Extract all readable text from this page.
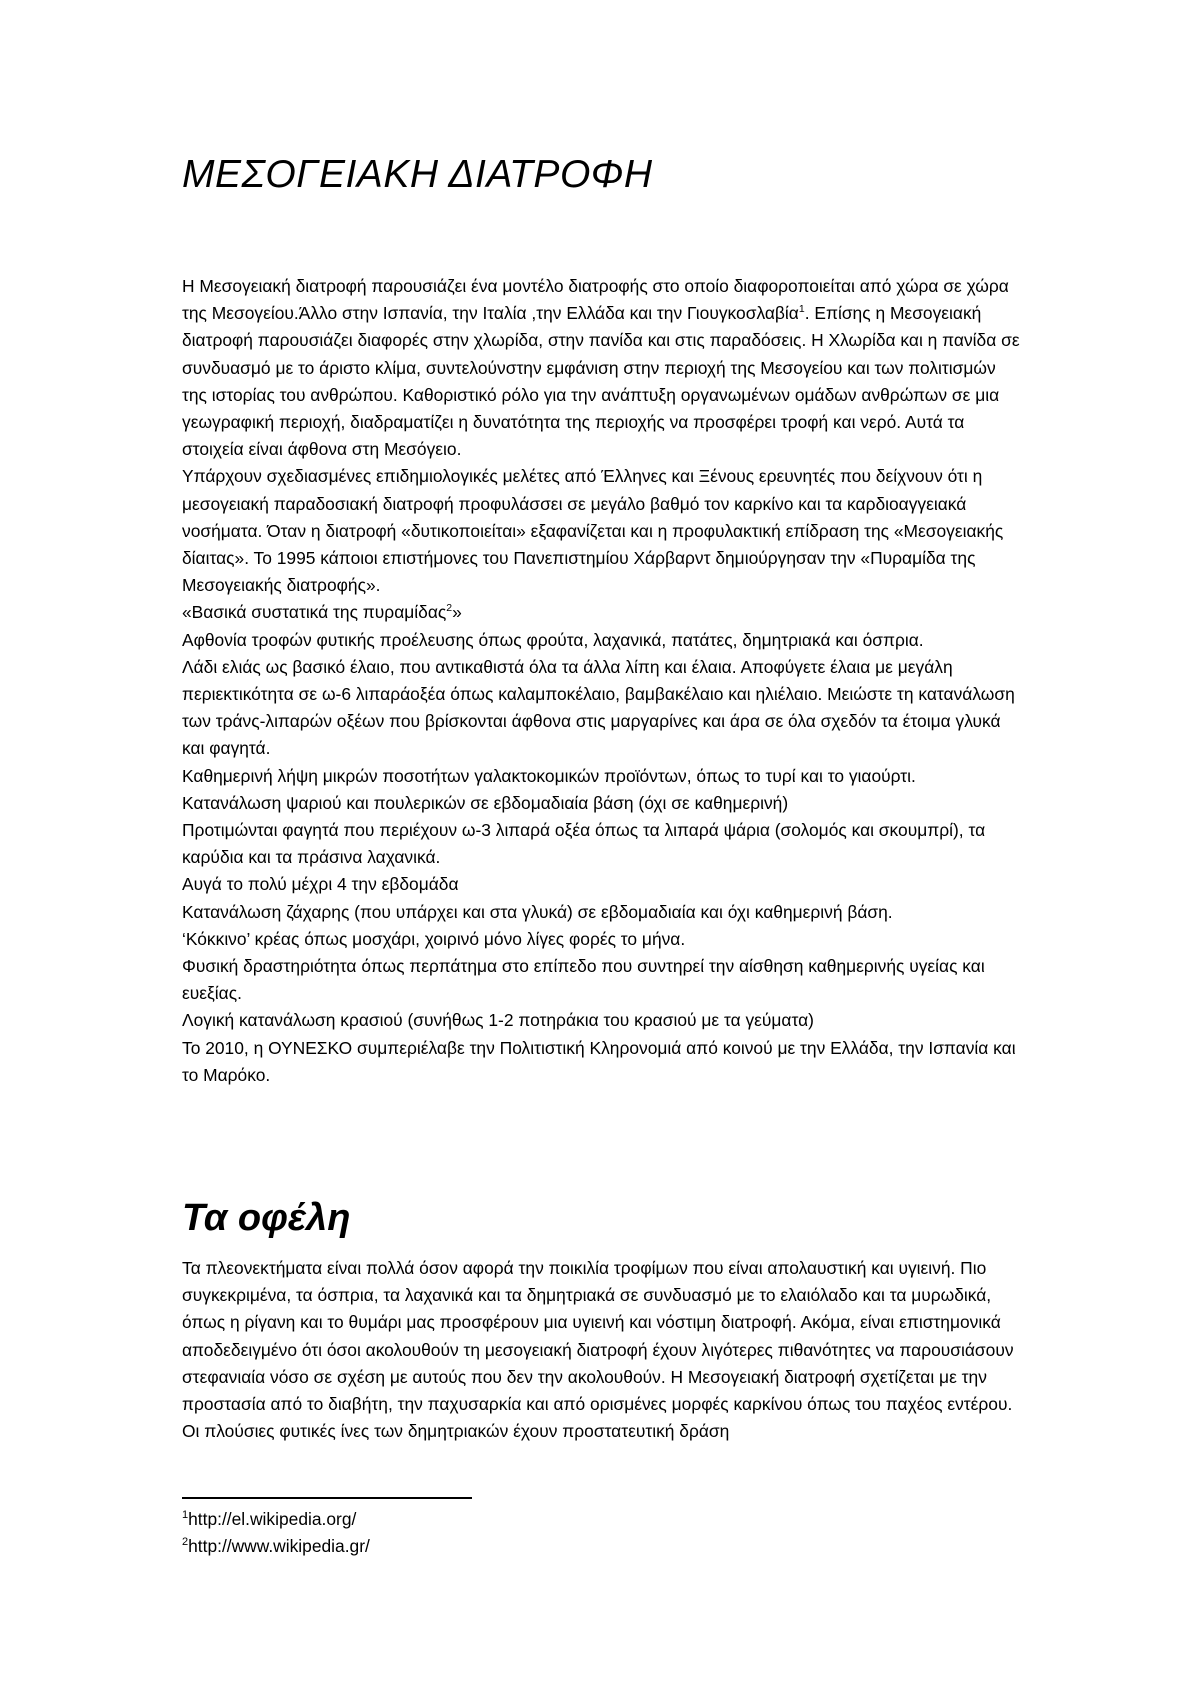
ΜΕΣΟΓΕΙΑΚΗ ΔΙΑΤΡΟΦΗ

Η Μεσογειακή διατροφή παρουσιάζει ένα μοντέλο διατροφής στο οποίο διαφοροποιείται από χώρα σε χώρα της Μεσογείου.Άλλο στην Ισπανία, την Ιταλία ,την Ελλάδα και την Γιουγκοσλαβία$^1$. Επίσης η Μεσογειακή διατροφή παρουσιάζει διαφορές στην χλωρίδα, στην πανίδα και στις παραδόσεις. Η Χλωρίδα και η πανίδα σε συνδυασμό με το άριστο κλίμα, συντελούνστην εμφάνιση στην περιοχή της Μεσογείου και των πολιτισμών της ιστορίας του ανθρώπου. Καθοριστικό ρόλο για την ανάπτυξη οργανωμένων ομάδων ανθρώπων σε μια γεωγραφική περιοχή, διαδραματίζει η δυνατότητα της περιοχής να προσφέρει τροφή και νερό. Αυτά τα στοιχεία είναι άφθονα στη Μεσόγειο.

Υπάρχουν σχεδιασμένες επιδημιολογικές μελέτες από Έλληνες και Ξένους ερευνητές που δείχνουν ότι η μεσογειακή παραδοσιακή διατροφή προφυλάσσει σε μεγάλο βαθμό τον καρκίνο και τα καρδιοαγγειακά νοσήματα. Όταν η διατροφή «δυτικοποιείται» εξαφανίζεται και η προφυλακτική επίδραση της «Μεσογειακής δίαιτας». Το 1995 κάποιοι επιστήμονες του Πανεπιστημίου Χάρβαρντ δημιούργησαν την «Πυραμίδα της Μεσογειακής διατροφής».

«Βασικά συστατικά της πυραμίδας$^2$»

Αφθονία τροφών φυτικής προέλευσης όπως φρούτα, λαχανικά, πατάτες, δημητριακά και όσπρια.

Λάδι ελιάς ως βασικό έλαιο, που αντικαθιστά όλα τα άλλα λίπη και έλαια. Αποφύγετε έλαια με μεγάλη περιεκτικότητα σε ω-6 λιπαράοξέα όπως καλαμποκέλαιο, βαμβακέλαιο και ηλιέλαιο. Μειώστε τη κατανάλωση των τράνς-λιπαρών οξέων που βρίσκονται άφθονα στις μαργαρίνες και άρα σε όλα σχεδόν τα έτοιμα γλυκά και φαγητά.

Καθημερινή λήψη μικρών ποσοτήτων γαλακτοκομικών προϊόντων, όπως το τυρί και το γιαούρτι.

Κατανάλωση ψαριού και πουλερικών σε εβδομαδιαία βάση (όχι σε καθημερινή)

Προτιμώνται φαγητά που περιέχουν ω-3 λιπαρά οξέα όπως τα λιπαρά ψάρια (σολομός και σκουμπρί), τα καρύδια και τα πράσινα λαχανικά.

Αυγά το πολύ μέχρι 4 την εβδομάδα

Κατανάλωση ζάχαρης (που υπάρχει και στα γλυκά) σε εβδομαδιαία και όχι καθημερινή βάση.

‘Κόκκινο’ κρέας όπως μοσχάρι, χοιρινό μόνο λίγες φορές το μήνα.

Φυσική δραστηριότητα όπως περπάτημα στο επίπεδο που συντηρεί την αίσθηση καθημερινής υγείας και ευεξίας.

Λογική κατανάλωση κρασιού (συνήθως 1-2 ποτηράκια του κρασιού με τα γεύματα)

Το 2010, η ΟΥΝΕΣΚΟ συμπεριέλαβε την Πολιτιστική Κληρονομιά από κοινού με την Ελλάδα, την Ισπανία και το Μαρόκο.

Τα οφέλη

Τα πλεονεκτήματα είναι πολλά όσον αφορά την ποικιλία τροφίμων που είναι απολαυστική και υγιεινή. Πιο συγκεκριμένα, τα όσπρια, τα λαχανικά και τα δημητριακά σε συνδυασμό με το ελαιόλαδο και τα μυρωδικά, όπως η ρίγανη και το θυμάρι μας προσφέρουν μια υγιεινή και νόστιμη διατροφή. Ακόμα, είναι επιστημονικά αποδεδειγμένο ότι όσοι ακολουθούν τη μεσογειακή διατροφή έχουν λιγότερες πιθανότητες να παρουσιάσουν στεφανιαία νόσο σε σχέση με αυτούς που δεν την ακολουθούν. Η Μεσογειακή διατροφή σχετίζεται με την προστασία από το διαβήτη, την παχυσαρκία και από ορισμένες μορφές καρκίνου όπως του παχέος εντέρου. Οι πλούσιες φυτικές ίνες των δημητριακών έχουν προστατευτική δράση

$^1$http://el.wikipedia.org/
$^2$http://www.wikipedia.gr/
